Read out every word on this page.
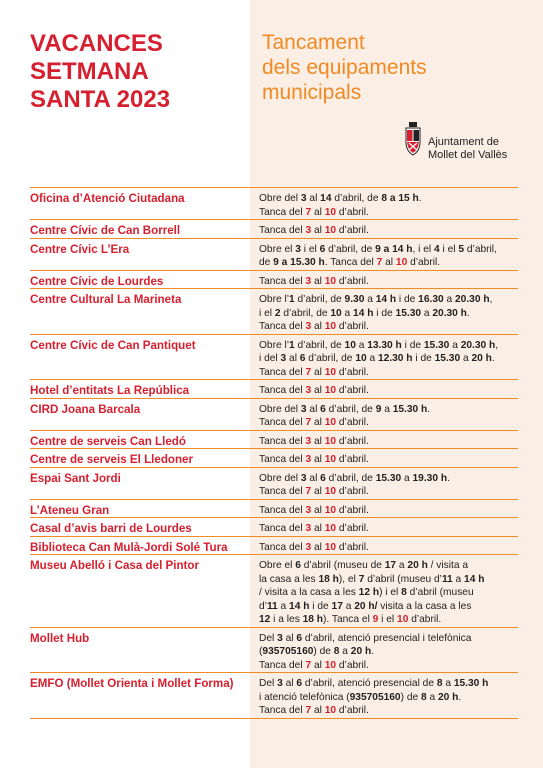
VACANCES
SETMANA
SANTA 2023
Tancament
dels equipaments
municipals
Ajuntament de
Mollet del Vallès
Oficina d’Atenció Ciutadana	Obre del 3 al 14 d’abril, de 8 a 15 h.
Tanca del 7 al 10 d’abril.
Centre Cívic de Can Borrell	Tanca del 3 al 10 d’abril.
Centre Cívic L’Era	Obre el 3 i el 6 d’abril, de 9 a 14 h, i el 4 i el 5 d’abril,
de 9 a 15.30 h. Tanca del 7 al 10 d’abril.
Centre Cívic de Lourdes	Tanca del 3 al 10 d’abril.
Centre Cultural La Marineta	Obre l’1 d’abril, de 9.30 a 14 h i de 16.30 a 20.30 h,
i el 2 d’abril, de 10 a 14 h i de 15.30 a 20.30 h.
Tanca del 3 al 10 d’abril.
Centre Cívic de Can Pantiquet	Obre l’1 d’abril, de 10 a 13.30 h i de 15.30 a 20.30 h,
i del 3 al 6 d’abril, de 10 a 12.30 h i de 15.30 a 20 h.
Tanca del 7 al 10 d’abril.
Hotel d’entitats La República	Tanca del 3 al 10 d’abril.
CIRD Joana Barcala	Obre del 3 al 6 d’abril, de 9 a 15.30 h.
Tanca del 7 al 10 d’abril.
Centre de serveis Can Lledó	Tanca del 3 al 10 d’abril.
Centre de serveis El Lledoner	Tanca del 3 al 10 d’abril.
Espai Sant Jordi	Obre del 3 al 6 d’abril, de 15.30 a 19.30 h.
Tanca del 7 al 10 d’abril.
L’Ateneu Gran	Tanca del 3 al 10 d’abril.
Casal d’avis barri de Lourdes	Tanca del 3 al 10 d’abril.
Biblioteca Can Mulà-Jordi Solé Tura	Tanca del 3 al 10 d’abril.
Museu Abelló i Casa del Pintor	Obre el 6 d’abril (museu de 17 a 20 h / visita a
la casa a les 18 h), el 7 d’abril (museu d’11 a 14 h
/ visita a la casa a les 12 h) i el 8 d’abril (museu
d’11 a 14 h i de 17 a 20 h/ visita a la casa a les
12 i a les 18 h). Tanca el 9 i el 10 d’abril.
Mollet Hub	Del 3 al 6 d’abril, atenció presencial i telefònica
(935705160) de 8 a 20 h.
Tanca del 7 al 10 d’abril.
EMFO (Mollet Orienta i Mollet Forma)	Del 3 al 6 d’abril, atenció presencial de 8 a 15.30 h
i atenció telefònica (935705160) de 8 a 20 h.
Tanca del 7 al 10 d’abril.
